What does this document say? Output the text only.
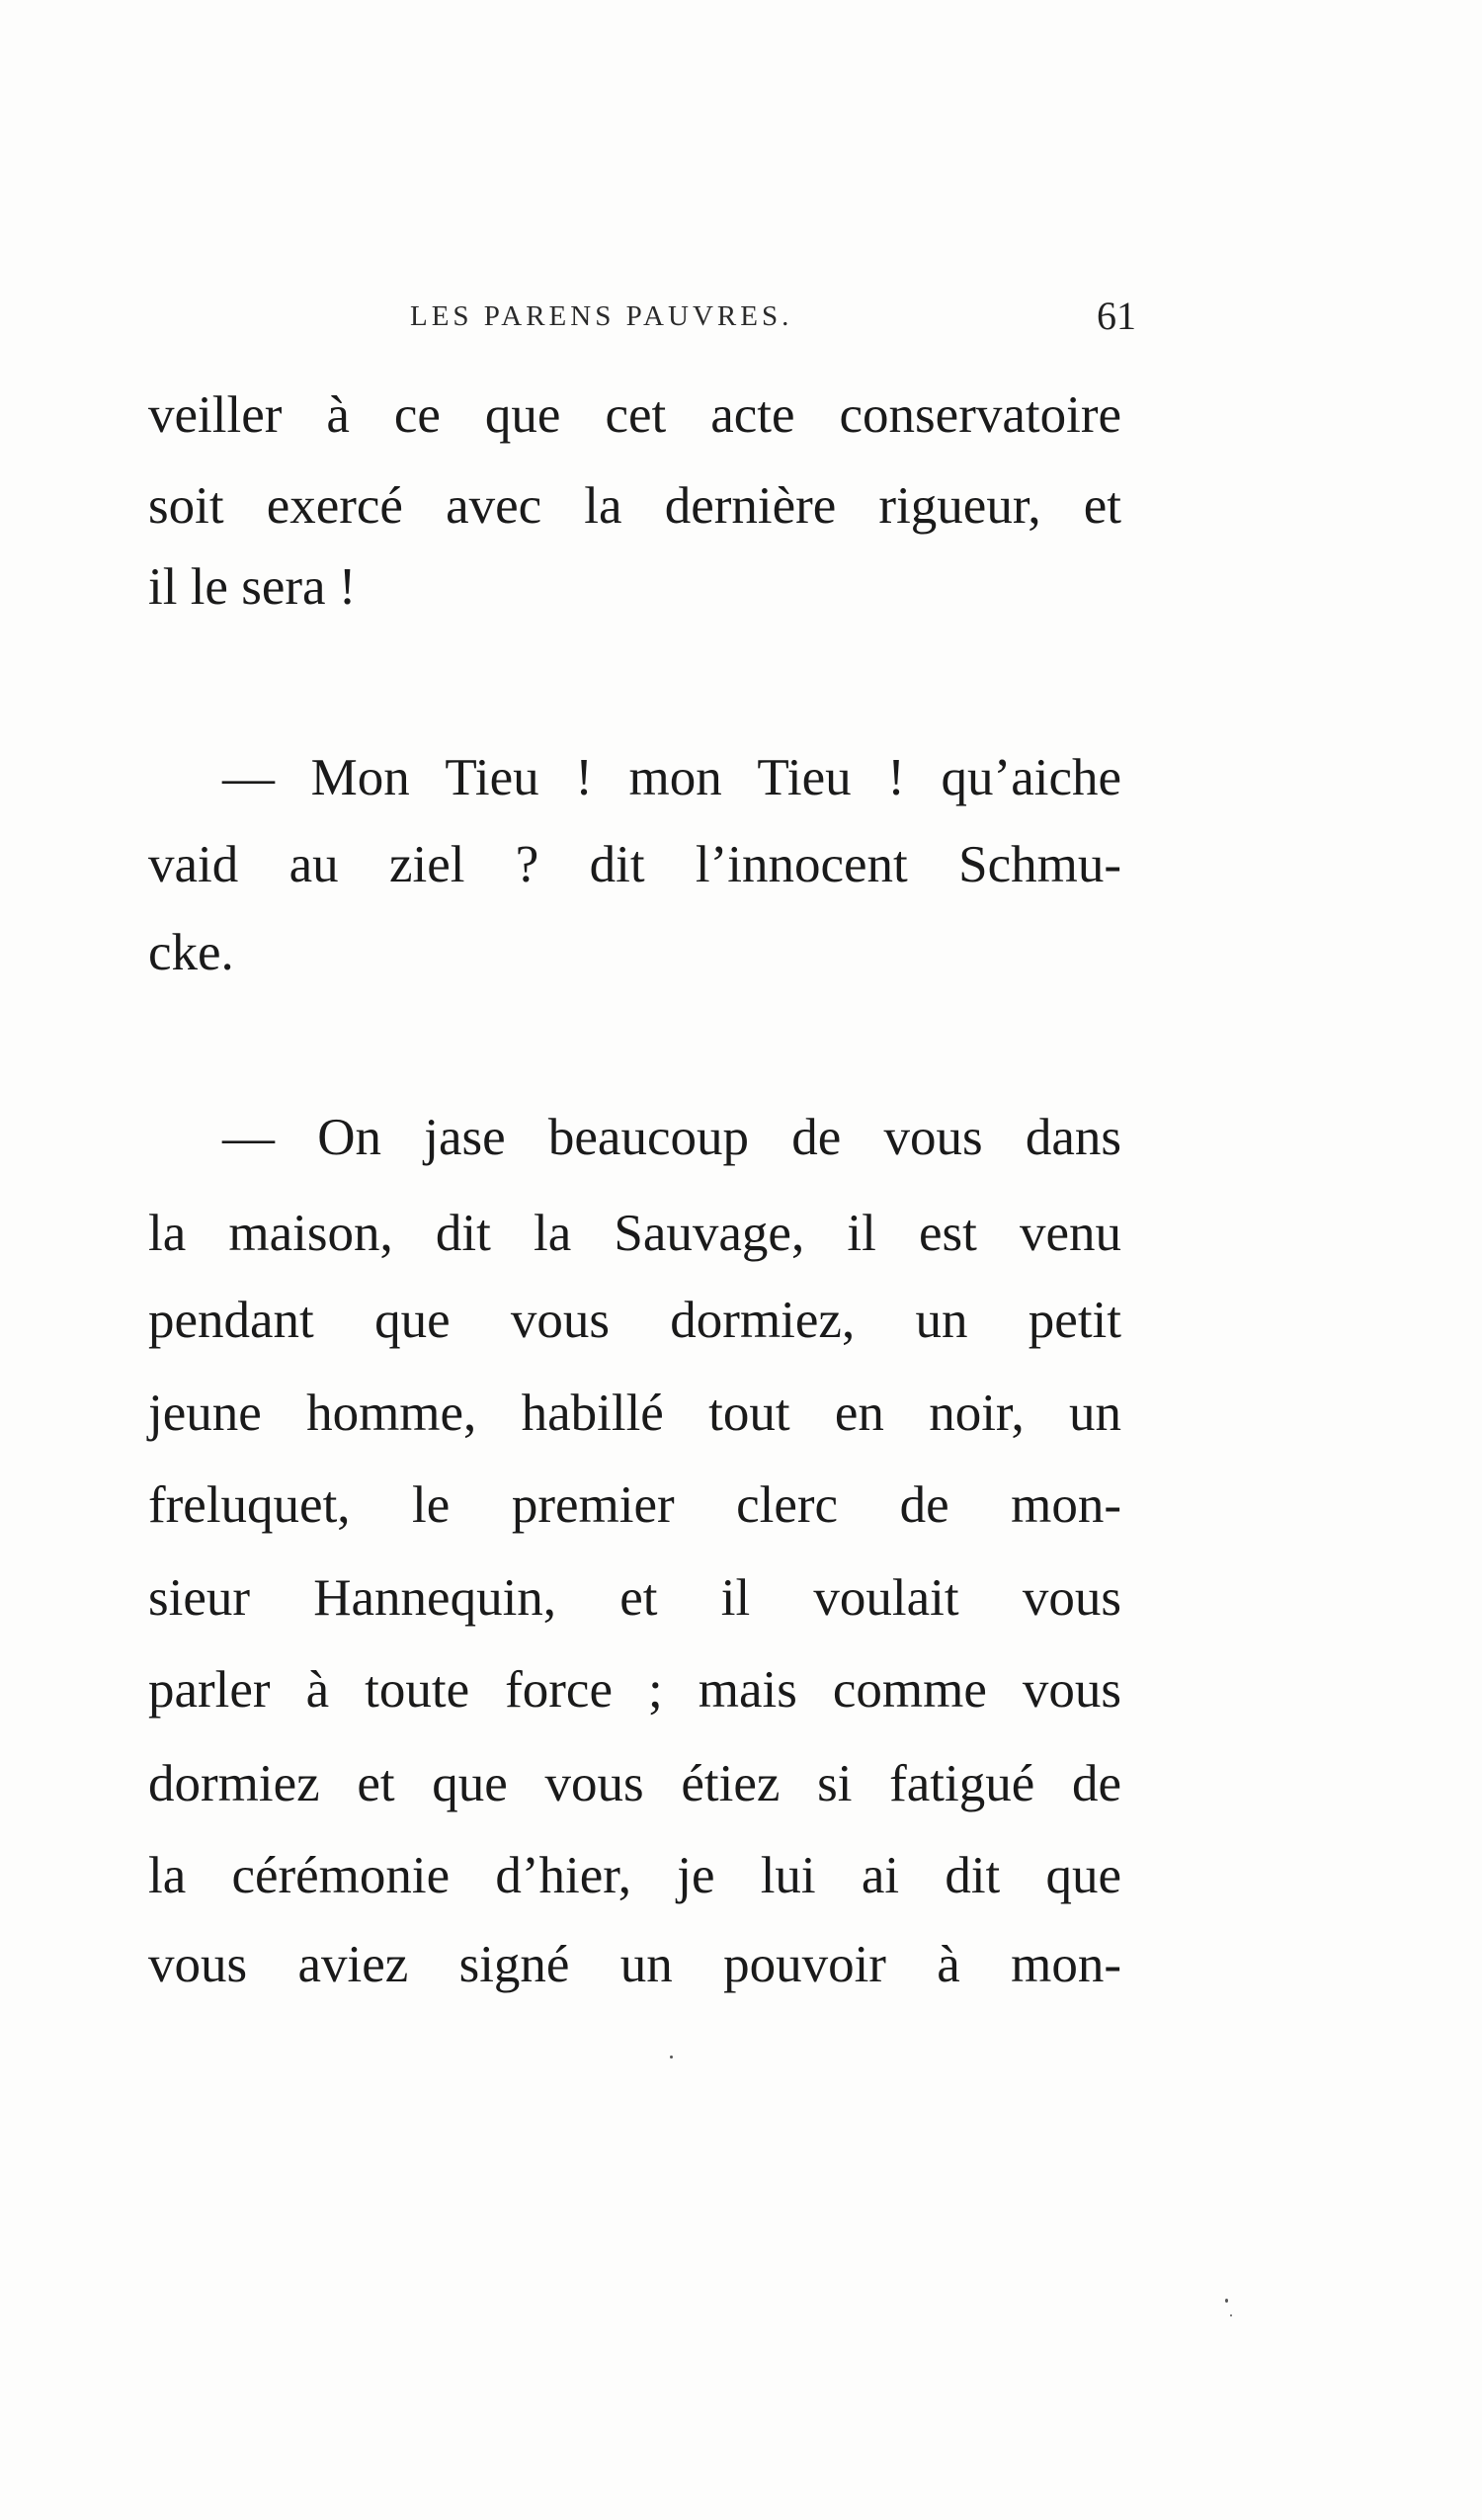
LES PARENS PAUVRES.	61
veiller à ce que cet acte conservatoire
soit exercé avec la dernière rigueur, et
il le sera !
— Mon Tieu ! mon Tieu ! qu’aiche
vaid au ziel ? dit l’innocent Schmu-
cke.
— On jase beaucoup de vous dans
la maison, dit la Sauvage, il est venu
pendant que vous dormiez, un petit
jeune homme, habillé tout en noir, un
freluquet, le premier clerc de mon-
sieur Hannequin, et il voulait vous
parler à toute force ; mais comme vous
dormiez et que vous étiez si fatigué de
la cérémonie d’hier, je lui ai dit que
vous aviez signé un pouvoir à mon-
